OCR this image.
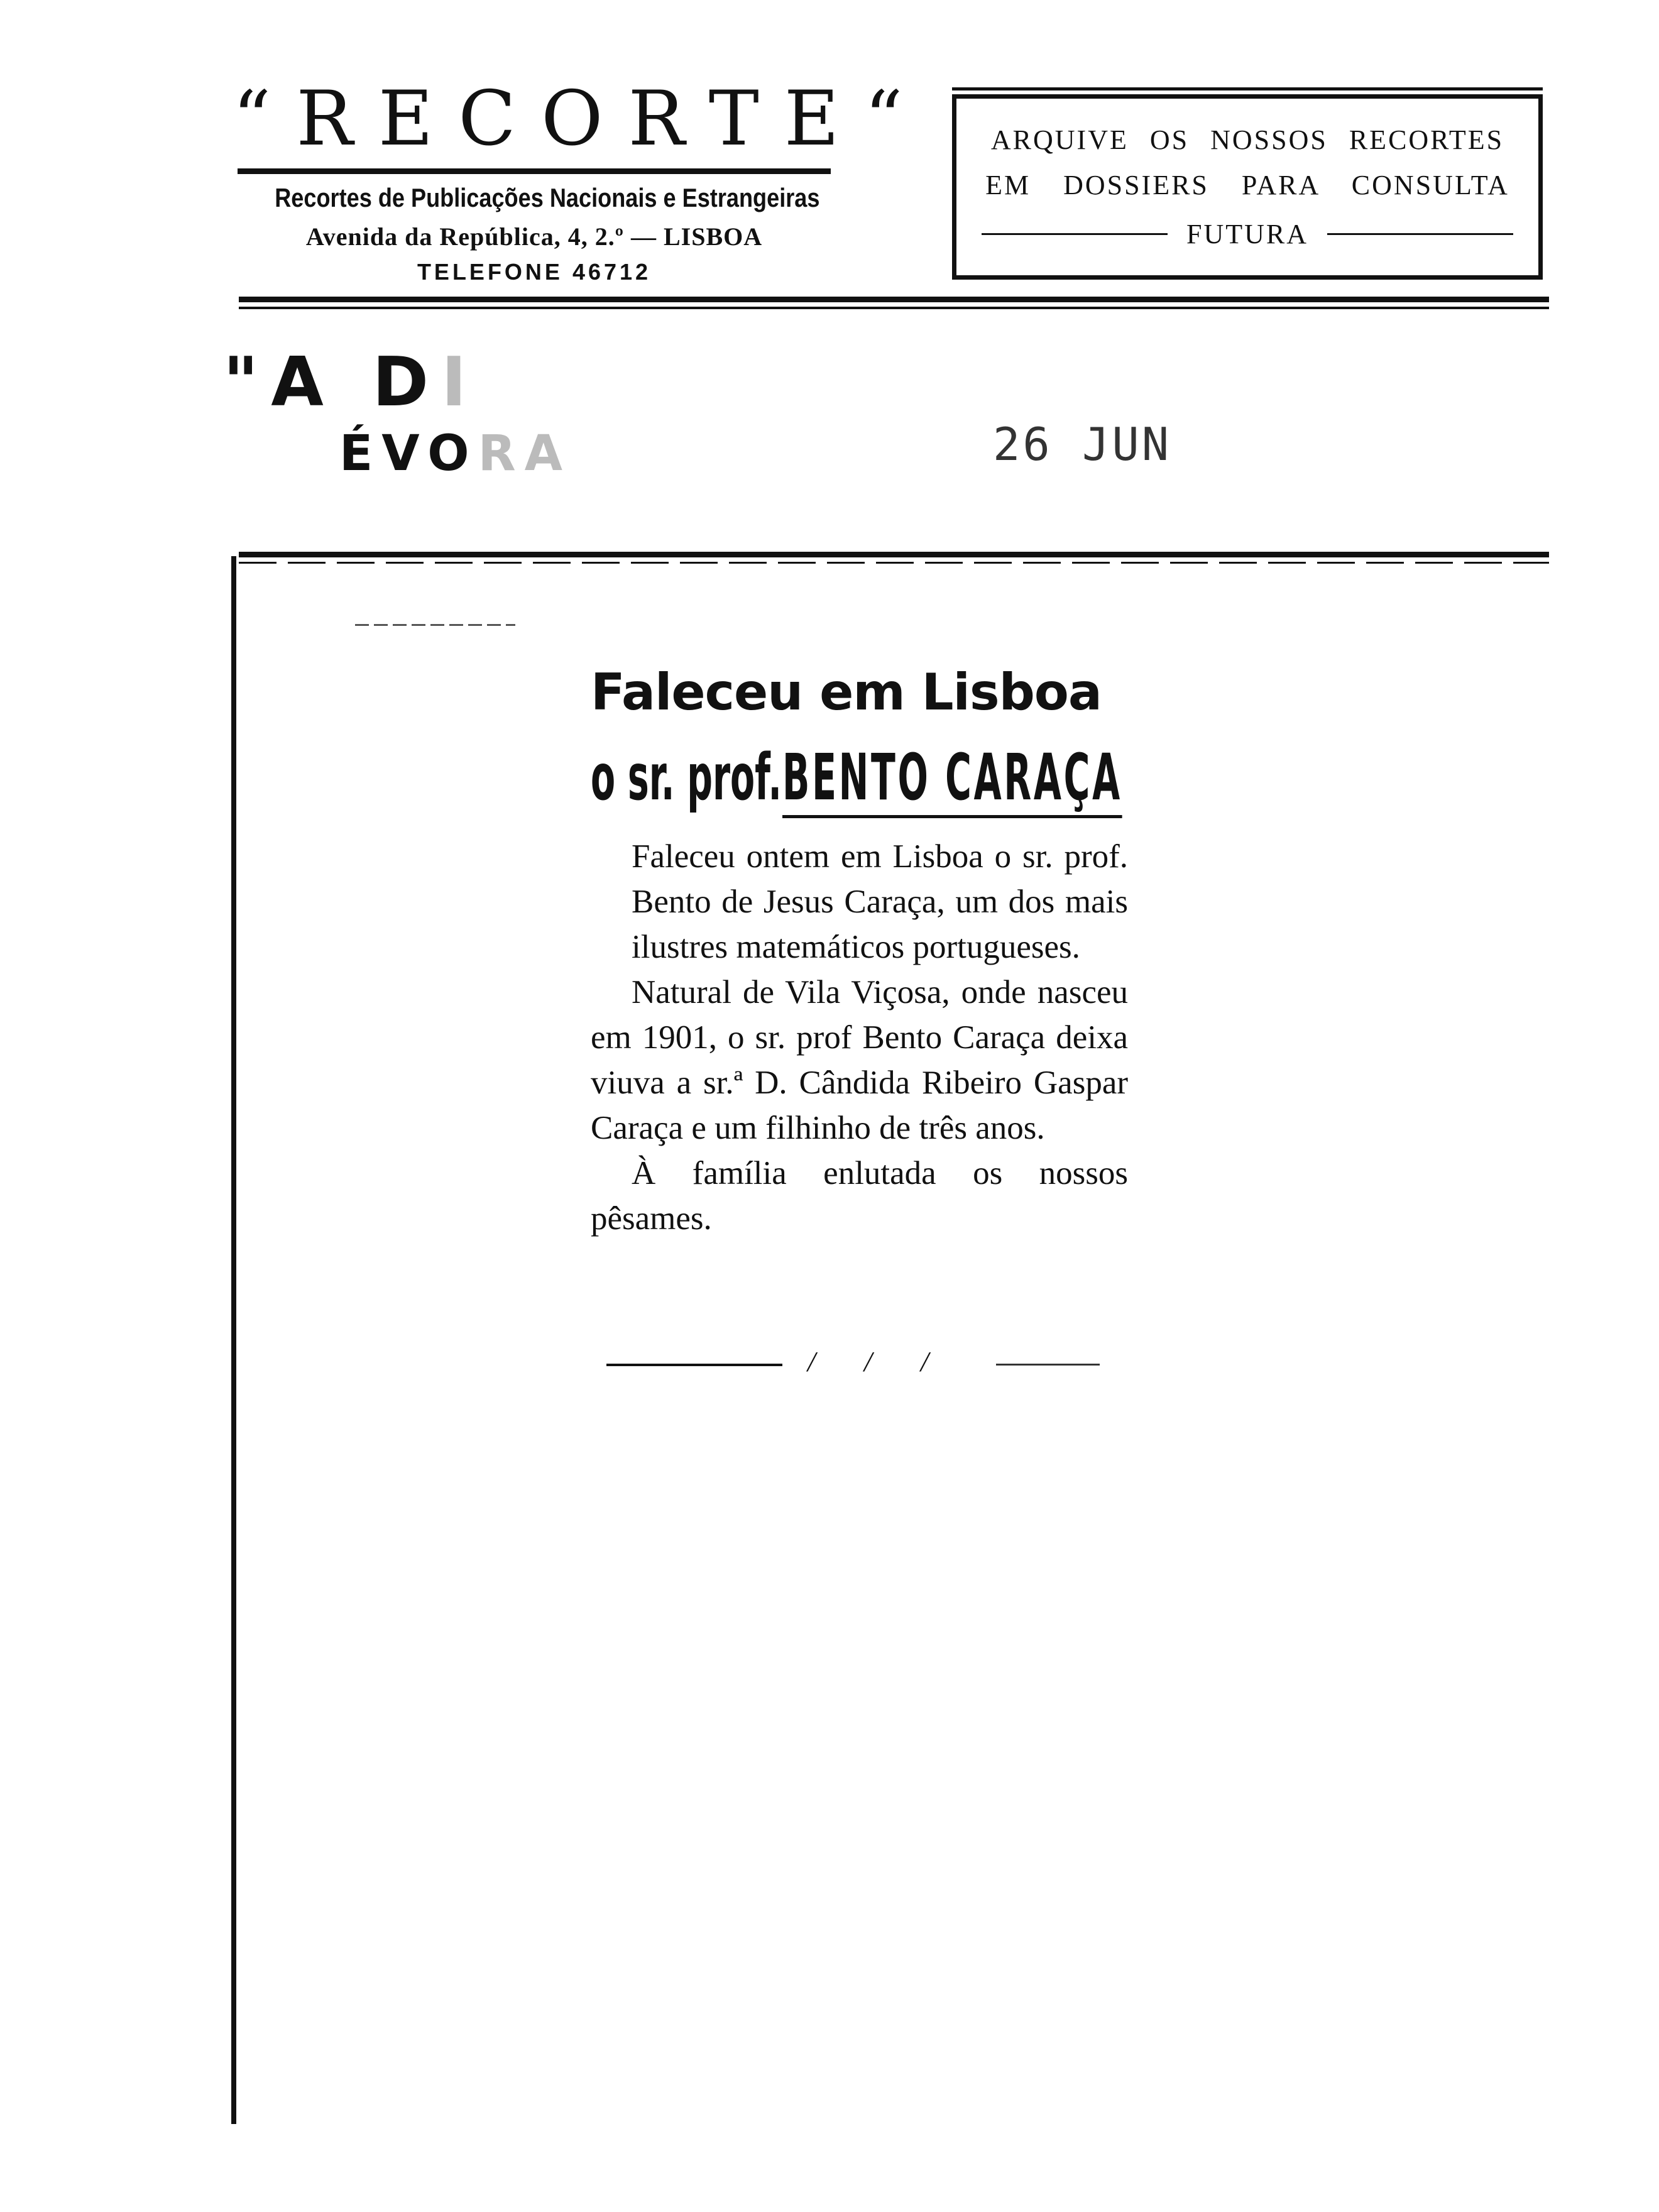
“RECORTE“
Recortes de Publicações Nacionais e Estrangeiras
Avenida da República, 4, 2.º — LISBOA
TELEFONE 46712
ARQUIVE OS NOSSOS RECORTES
EM DOSSIERS PARA CONSULTA
FUTURA
"A DI
ÉVORA	26 JUN
Faleceu em Lisboa
o sr. prof. BENTO CARAÇA

Faleceu ontem em Lisboa o sr. prof. Bento de Jesus Caraça, um dos mais ilustres matemáticos portugueses.

Natural de Vila Viçosa, onde nasceu em 1901, o sr. prof Bento Caraça deixa viuva a sr.ª D. Cândida Ribeiro Gaspar Caraça e um filhinho de três anos.

À família enlutada os nossos pêsames.

/ / /
